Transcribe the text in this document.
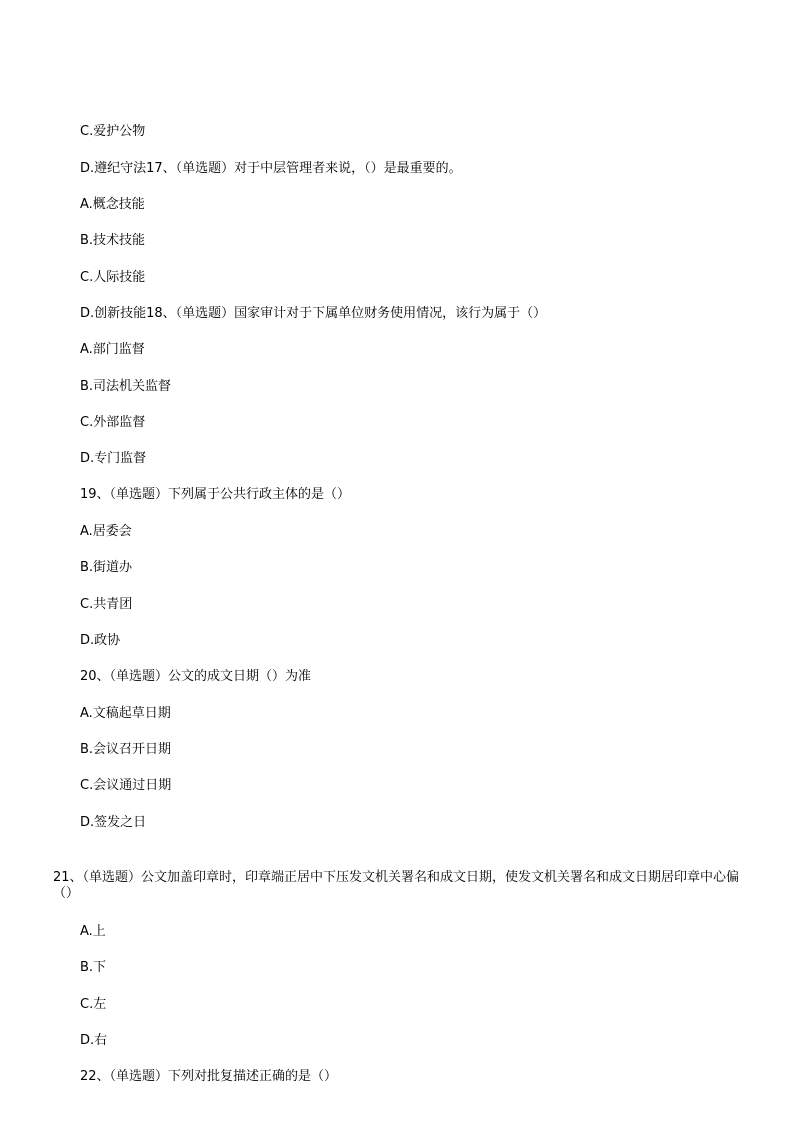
C.爱护公物
D.遵纪守法17、（单选题）对于中层管理者来说，（）是最重要的。
A.概念技能
B.技术技能
C.人际技能
D.创新技能18、（单选题）国家审计对于下属单位财务使用情况，该行为属于（）
A.部门监督
B.司法机关监督
C.外部监督
D.专门监督
19、（单选题）下列属于公共行政主体的是（）
A.居委会
B.街道办
C.共青团
D.政协
20、（单选题）公文的成文日期（）为准
A.文稿起草日期
B.会议召开日期
C.会议通过日期
D.签发之日
21、（单选题）公文加盖印章时，印章端正居中下压发文机关署名和成文日期，使发文机关署名和成文日期居印章中心偏（）
A.上
B.下
C.左
D.右
22、（单选题）下列对批复描述正确的是（）
